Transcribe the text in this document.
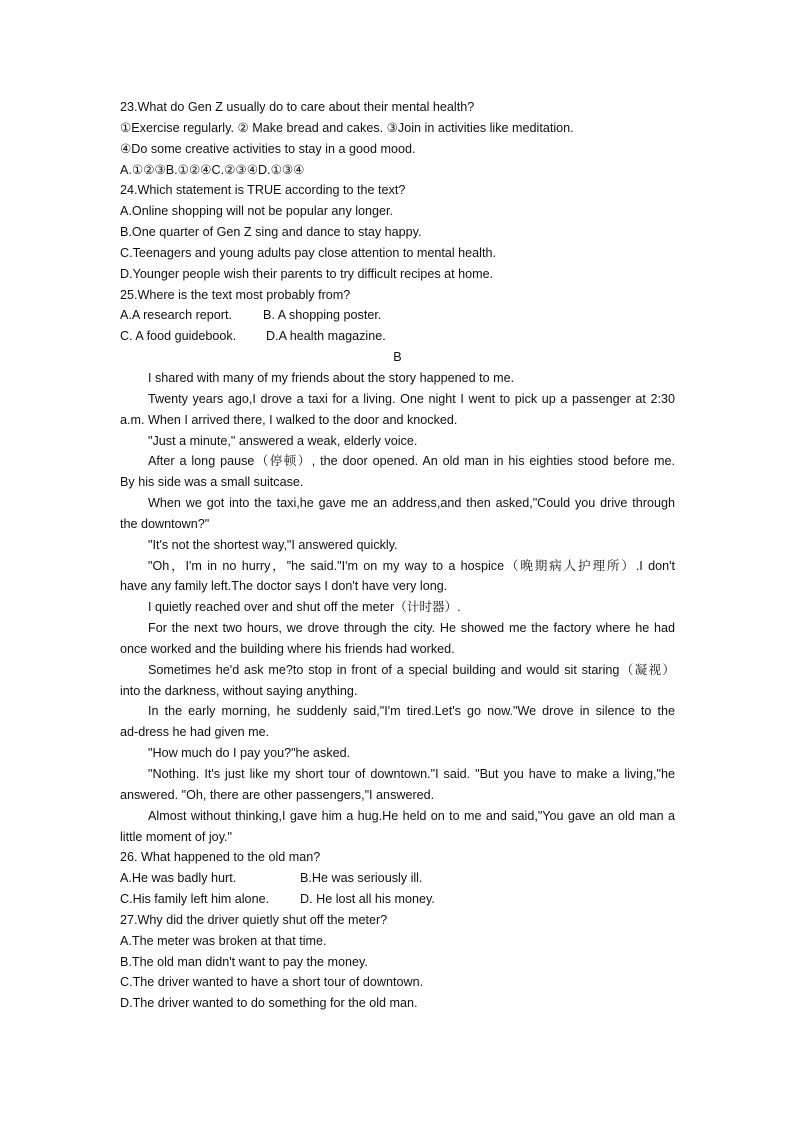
23.What do Gen Z usually do to care about their mental health?
①Exercise regularly. ② Make bread and cakes. ③Join in activities like meditation.
④Do some creative activities to stay in a good mood.
A.①②③B.①②④C.②③④D.①③④
24.Which statement is TRUE according to the text?
A.Online shopping will not be popular any longer.
B.One quarter of Gen Z sing and dance to stay happy.
C.Teenagers and young adults pay close attention to mental health.
D.Younger people wish their parents to try difficult recipes at home.
25.Where is the text most probably from?
A.A research report. B. A shopping poster.
C. A food guidebook. D.A health magazine.
B
I shared with many of my friends about the story happened to me.
Twenty years ago,I drove a taxi for a living. One night I went to pick up a passenger at 2:30
a.m. When I arrived there, I walked to the door and knocked.
"Just a minute," answered a weak, elderly voice.
After a long pause（停顿）, the door opened. An old man in his eighties stood before me.
By his side was a small suitcase.
When we got into the taxi,he gave me an address,and then asked,"Could you drive through
the downtown?"
"It's not the shortest way,"I answered quickly.
"Oh，I'm in no hurry，"he said."I'm on my way to a hospice（晚期病人护理所）.I don't
have any family left.The doctor says I don't have very long.
I quietly reached over and shut off the meter（计时器）.
For the next two hours, we drove through the city. He showed me the factory where he had
once worked and the building where his friends had worked.
Sometimes he'd ask me?to stop in front of a special building and would sit staring（凝视）
into the darkness, without saying anything.
In the early morning, he suddenly said,"I'm tired.Let's go now."We drove in silence to the
ad-dress he had given me.
"How much do I pay you?"he asked.
"Nothing. It's just like my short tour of downtown."I said. "But you have to make a living,"he
answered. "Oh, there are other passengers,"I answered.
Almost without thinking,I gave him a hug.He held on to me and said,"You gave an old man a
little moment of joy."
26. What happened to the old man?
A.He was badly hurt.	B.He was seriously ill.
C.His family left him alone. D. He lost all his money.
27.Why did the driver quietly shut off the meter?
A.The meter was broken at that time.
B.The old man didn't want to pay the money.
C.The driver wanted to have a short tour of downtown.
D.The driver wanted to do something for the old man.
